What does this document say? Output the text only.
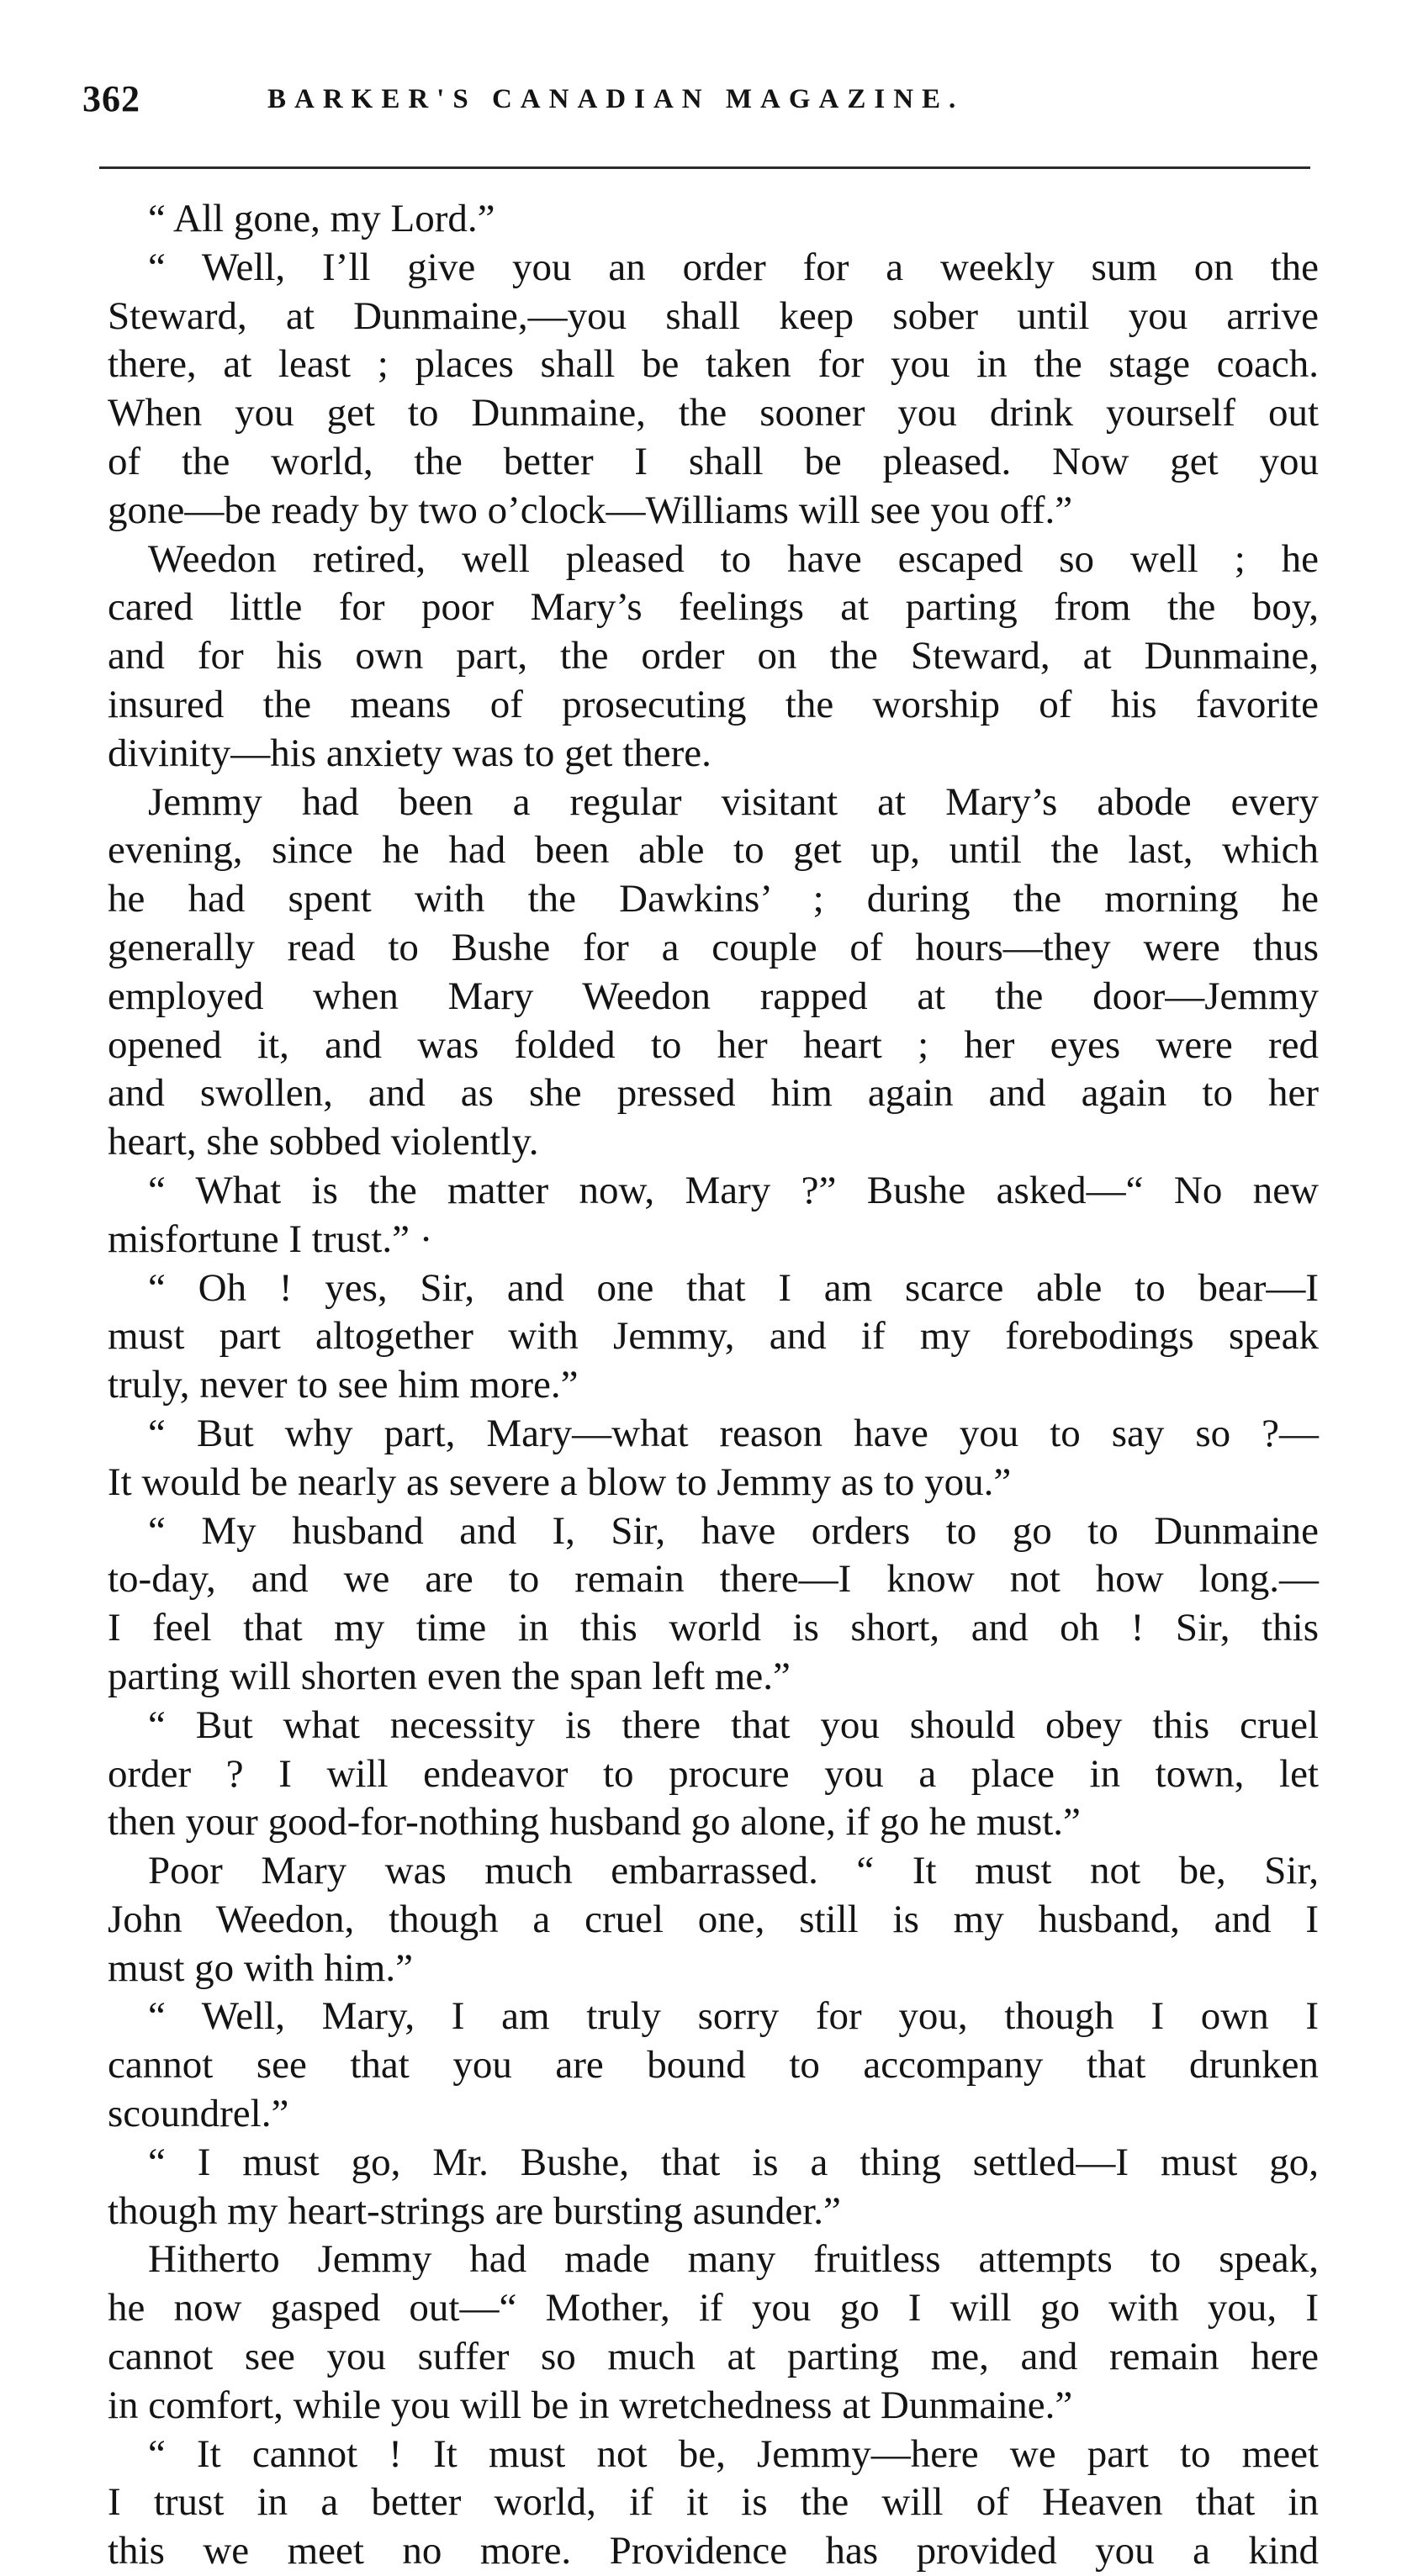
362	BARKER'S CANADIAN MAGAZINE.
“ All gone, my Lord.”
“ Well, I’ll give you an order for a weekly sum on the
Steward, at Dunmaine,—you shall keep sober until you arrive
there, at least ; places shall be taken for you in the stage coach.
When you get to Dunmaine, the sooner you drink yourself out
of the world, the better I shall be pleased. Now get you
gone—be ready by two o’clock—Williams will see you off.”
Weedon retired, well pleased to have escaped so well ; he
cared little for poor Mary’s feelings at parting from the boy,
and for his own part, the order on the Steward, at Dunmaine,
insured the means of prosecuting the worship of his favorite
divinity—his anxiety was to get there.
Jemmy had been a regular visitant at Mary’s abode every
evening, since he had been able to get up, until the last, which
he had spent with the Dawkins’ ; during the morning he
generally read to Bushe for a couple of hours—they were thus
employed when Mary Weedon rapped at the door—Jemmy
opened it, and was folded to her heart ; her eyes were red
and swollen, and as she pressed him again and again to her
heart, she sobbed violently.
“ What is the matter now, Mary ?” Bushe asked—“ No new
misfortune I trust.” ·
“ Oh ! yes, Sir, and one that I am scarce able to bear—I
must part altogether with Jemmy, and if my forebodings speak
truly, never to see him more.”
“ But why part, Mary—what reason have you to say so ?—
It would be nearly as severe a blow to Jemmy as to you.”
“ My husband and I, Sir, have orders to go to Dunmaine
to-day, and we are to remain there—I know not how long.—
I feel that my time in this world is short, and oh ! Sir, this
parting will shorten even the span left me.”
“ But what necessity is there that you should obey this cruel
order ? I will endeavor to procure you a place in town, let
then your good-for-nothing husband go alone, if go he must.”
Poor Mary was much embarrassed. “ It must not be, Sir,
John Weedon, though a cruel one, still is my husband, and I
must go with him.”
“ Well, Mary, I am truly sorry for you, though I own I
cannot see that you are bound to accompany that drunken
scoundrel.”
“ I must go, Mr. Bushe, that is a thing settled—I must go,
though my heart-strings are bursting asunder.”
Hitherto Jemmy had made many fruitless attempts to speak,
he now gasped out—“ Mother, if you go I will go with you, I
cannot see you suffer so much at parting me, and remain here
in comfort, while you will be in wretchedness at Dunmaine.”
“ It cannot ! It must not be, Jemmy—here we part to meet
I trust in a better world, if it is the will of Heaven that in
this we meet no more. Providence has provided you a kind
